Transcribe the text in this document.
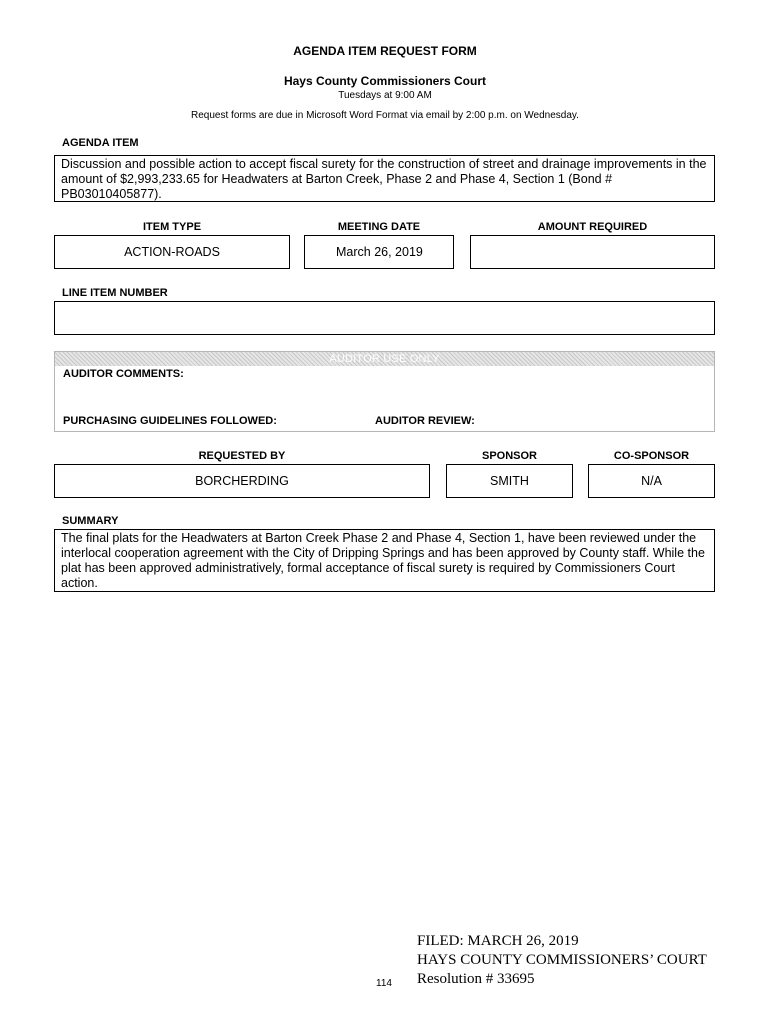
AGENDA ITEM REQUEST FORM
Hays County Commissioners Court
Tuesdays at 9:00 AM
Request forms are due in Microsoft Word Format via email by 2:00 p.m. on Wednesday.
AGENDA ITEM
Discussion and possible action to accept fiscal surety for the construction of street and drainage improvements in the amount of $2,993,233.65 for Headwaters at Barton Creek, Phase 2 and Phase 4, Section 1 (Bond # PB03010405877).
ITEM TYPE	MEETING DATE	AMOUNT REQUIRED
ACTION-ROADS	March 26, 2019
LINE ITEM NUMBER
AUDITOR USE ONLY
AUDITOR COMMENTS:
PURCHASING GUIDELINES FOLLOWED:	AUDITOR REVIEW:
REQUESTED BY	SPONSOR	CO-SPONSOR
BORCHERDING	SMITH	N/A
SUMMARY
The final plats for the Headwaters at Barton Creek Phase 2 and Phase 4, Section 1, have been reviewed under the interlocal cooperation agreement with the City of Dripping Springs and has been approved by County staff. While the plat has been approved administratively, formal acceptance of fiscal surety is required by Commissioners Court action.
114
FILED: MARCH 26, 2019
HAYS COUNTY COMMISSIONERS’ COURT
Resolution # 33695
